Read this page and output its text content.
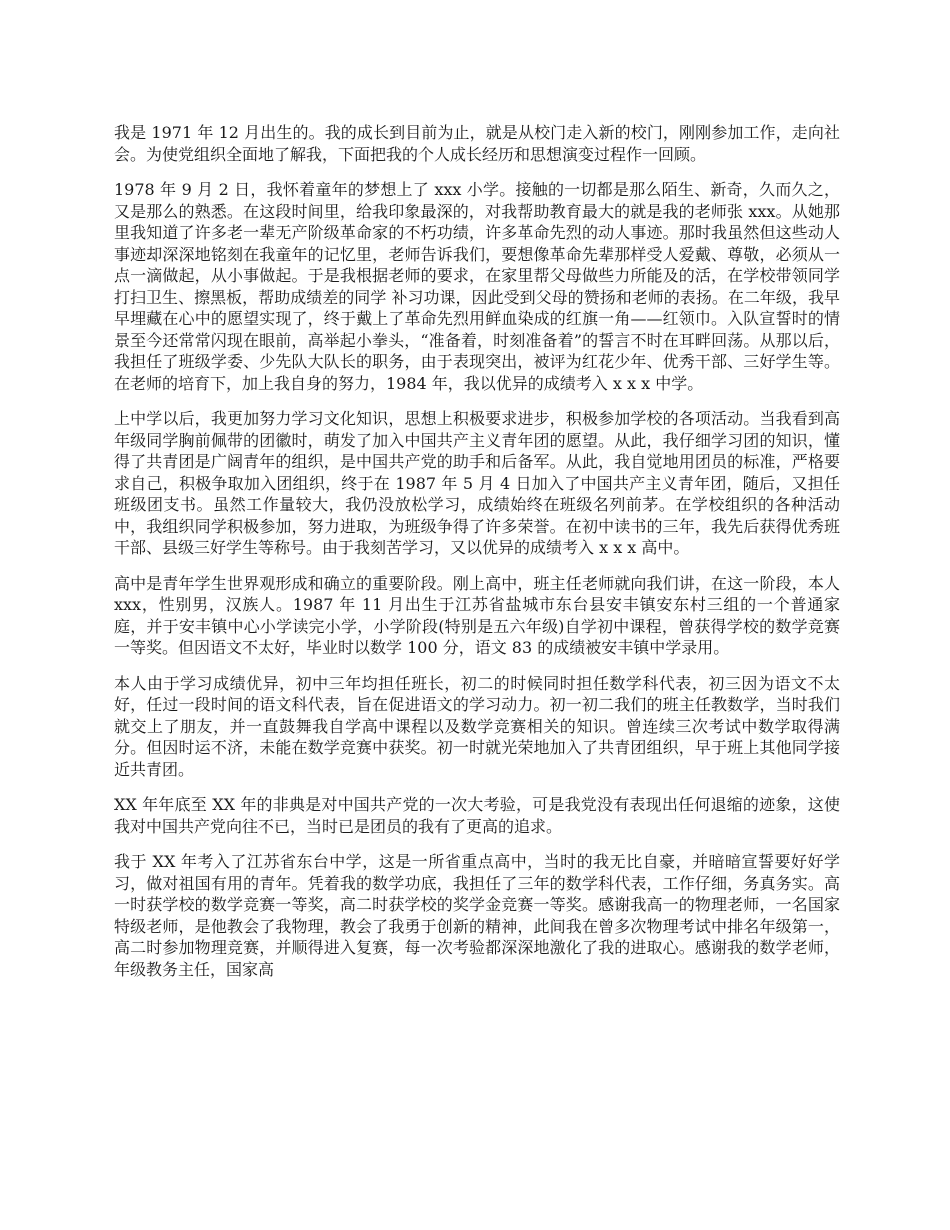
我是 1971 年 12 月出生的。我的成长到目前为止，就是从校门走入新的校门，刚刚参加工作，走向社会。为使党组织全面地了解我，下面把我的个人成长经历和思想演变过程作一回顾。

1978 年 9 月 2 日，我怀着童年的梦想上了 xxx 小学。接触的一切都是那么陌生、新奇，久而久之，又是那么的熟悉。在这段时间里，给我印象最深的，对我帮助教育最大的就是我的老师张 xxx。从她那里我知道了许多老一辈无产阶级革命家的不朽功绩，许多革命先烈的动人事迹。那时我虽然但这些动人事迹却深深地铭刻在我童年的记忆里，老师告诉我们，要想像革命先辈那样受人爱戴、尊敬，必须从一点一滴做起，从小事做起。于是我根据老师的要求，在家里帮父母做些力所能及的活，在学校带领同学打扫卫生、擦黑板，帮助成绩差的同学 补习功课，因此受到父母的赞扬和老师的表扬。在二年级，我早早埋藏在心中的愿望实现了，终于戴上了革命先烈用鲜血染成的红旗一角——红领巾。入队宣誓时的情景至今还常常闪现在眼前，高举起小拳头，“准备着，时刻准备着”的誓言不时在耳畔回荡。从那以后，我担任了班级学委、少先队大队长的职务，由于表现突出，被评为红花少年、优秀干部、三好学生等。在老师的培育下，加上我自身的努力，1984 年，我以优异的成绩考入 x x x 中学。

上中学以后，我更加努力学习文化知识，思想上积极要求进步，积极参加学校的各项活动。当我看到高年级同学胸前佩带的团徽时，萌发了加入中国共产主义青年团的愿望。从此，我仔细学习团的知识，懂得了共青团是广阔青年的组织，是中国共产党的助手和后备军。从此，我自觉地用团员的标准，严格要求自己，积极争取加入团组织，终于在 1987 年 5 月 4 日加入了中国共产主义青年团，随后，又担任班级团支书。虽然工作量较大，我仍没放松学习，成绩始终在班级名列前茅。在学校组织的各种活动中，我组织同学积极参加，努力进取，为班级争得了许多荣誉。在初中读书的三年，我先后获得优秀班干部、县级三好学生等称号。由于我刻苦学习，又以优异的成绩考入 x x x 高中。

高中是青年学生世界观形成和确立的重要阶段。刚上高中，班主任老师就向我们讲，在这一阶段，本人 xxx，性别男，汉族人。1987 年 11 月出生于江苏省盐城市东台县安丰镇安东村三组的一个普通家庭，并于安丰镇中心小学读完小学，小学阶段(特别是五六年级)自学初中课程，曾获得学校的数学竞赛一等奖。但因语文不太好，毕业时以数学 100 分，语文 83 的成绩被安丰镇中学录用。

本人由于学习成绩优异，初中三年均担任班长，初二的时候同时担任数学科代表，初三因为语文不太好，任过一段时间的语文科代表，旨在促进语文的学习动力。初一初二我们的班主任教数学，当时我们就交上了朋友，并一直鼓舞我自学高中课程以及数学竞赛相关的知识。曾连续三次考试中数学取得满分。但因时运不济，未能在数学竞赛中获奖。初一时就光荣地加入了共青团组织，早于班上其他同学接近共青团。

XX 年年底至 XX 年的非典是对中国共产党的一次大考验，可是我党没有表现出任何退缩的迹象，这使我对中国共产党向往不已，当时已是团员的我有了更高的追求。

我于 XX 年考入了江苏省东台中学，这是一所省重点高中，当时的我无比自豪，并暗暗宣誓要好好学习，做对祖国有用的青年。凭着我的数学功底，我担任了三年的数学科代表，工作仔细，务真务实。高一时获学校的数学竞赛一等奖，高二时获学校的奖学金竞赛一等奖。感谢我高一的物理老师，一名国家特级老师，是他教会了我物理，教会了我勇于创新的精神，此间我在曾多次物理考试中排名年级第一，高二时参加物理竞赛，并顺得进入复赛，每一次考验都深深地激化了我的进取心。感谢我的数学老师，年级教务主任，国家高
